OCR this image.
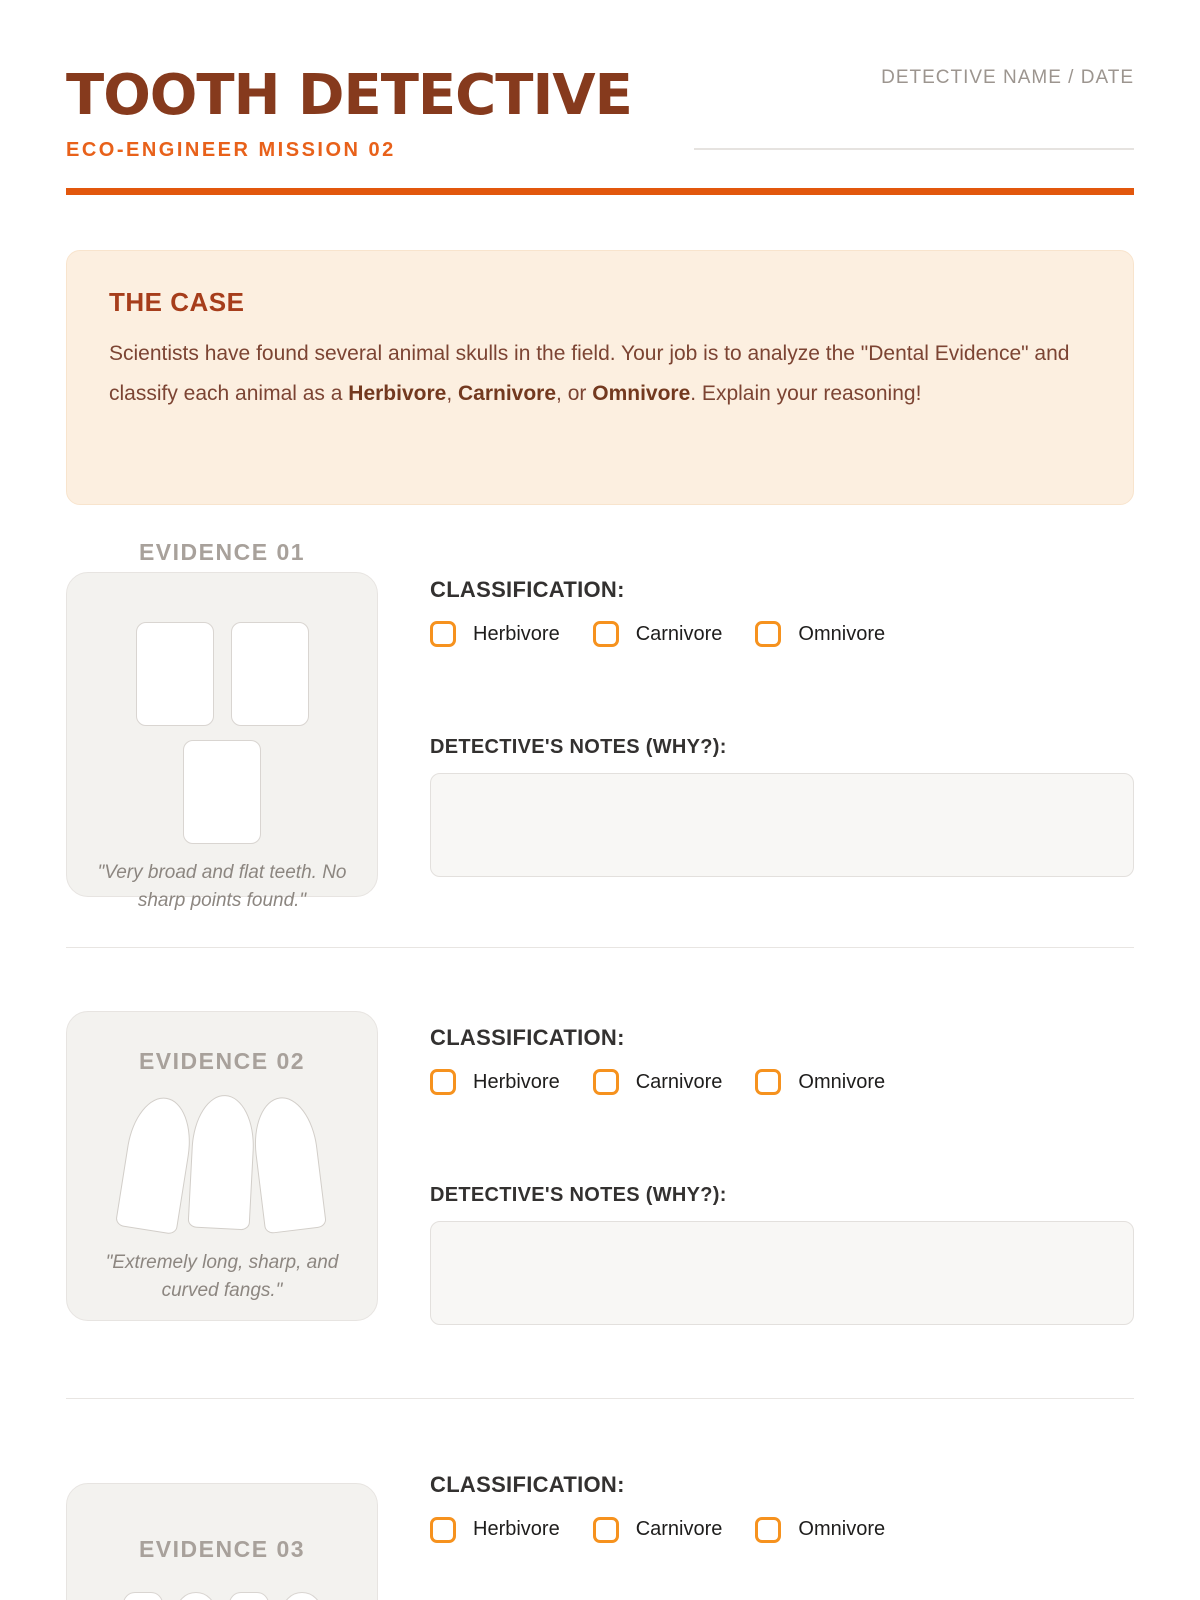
TOOTH DETECTIVE
ECO-ENGINEER MISSION 02
DETECTIVE NAME / DATE
THE CASE

Scientists have found several animal skulls in the field. Your job is to analyze the "Dental Evidence" and classify each animal as a Herbivore, Carnivore, or Omnivore. Explain your reasoning!

EVIDENCE 01
"Very broad and flat teeth. No sharp points found."
CLASSIFICATION:
Herbivore	Carnivore	Omnivore
DETECTIVE'S NOTES (WHY?):
EVIDENCE 02
"Extremely long, sharp, and curved fangs."
CLASSIFICATION:
Herbivore	Carnivore	Omnivore
DETECTIVE'S NOTES (WHY?):
EVIDENCE 03
CLASSIFICATION:
Herbivore	Carnivore	Omnivore
